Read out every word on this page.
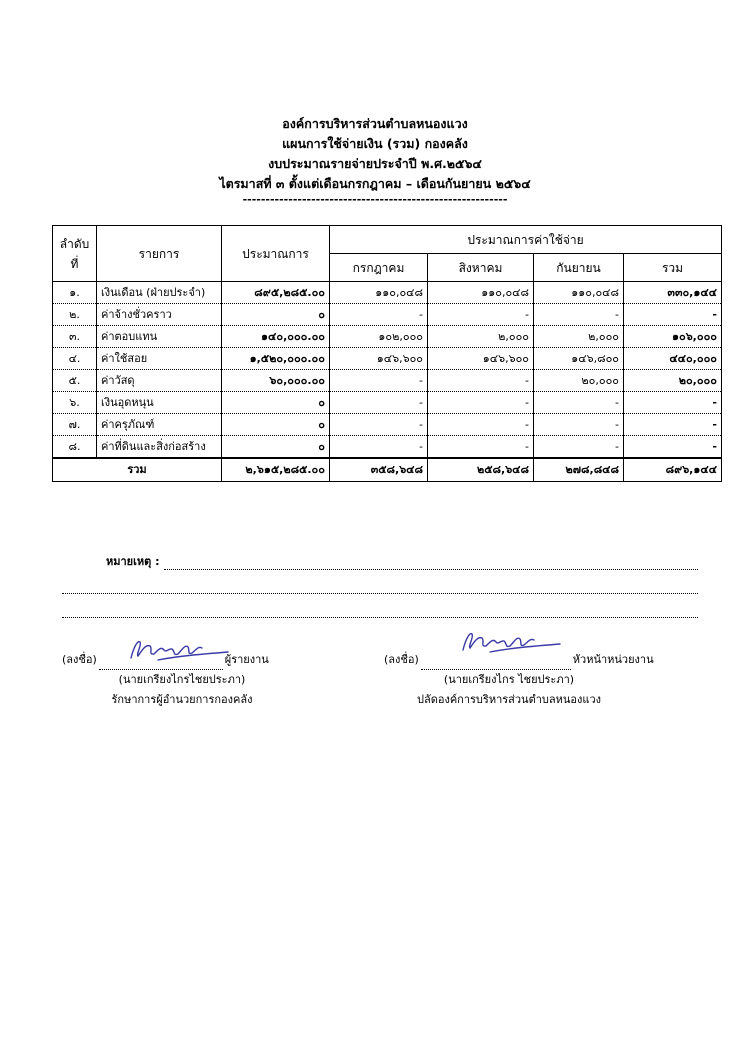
องค์การบริหารส่วนตำบลหนองแวง
แผนการใช้จ่ายเงิน (รวม) กองคลัง
งบประมาณรายจ่ายประจำปี พ.ศ.๒๕๖๔
ไตรมาสที่ ๓ ตั้งแต่เดือนกรกฎาคม – เดือนกันยายน ๒๕๖๔
----------------------------------------------------------
ลำดับที่	รายการ	ประมาณการ	ประมาณการค่าใช้จ่าย			
			กรกฎาคม	สิงหาคม	กันยายน	รวม
๑.	เงินเดือน (ฝ่ายประจำ)	๘๙๕,๒๘๕.๐๐	๑๑๐,๐๔๘	๑๑๐,๐๔๘	๑๑๐,๐๔๘	๓๓๐,๑๔๔
๒.	ค่าจ้างชั่วคราว	๐	-	-	-	-
๓.	ค่าตอบแทน	๑๔๐,๐๐๐.๐๐	๑๐๒,๐๐๐	๒,๐๐๐	๒,๐๐๐	๑๐๖,๐๐๐
๔.	ค่าใช้สอย	๑,๕๒๐,๐๐๐.๐๐	๑๔๖,๖๐๐	๑๔๖,๖๐๐	๑๔๖,๘๐๐	๔๔๐,๐๐๐
๕.	ค่าวัสดุ	๖๐,๐๐๐.๐๐	-	-	๒๐,๐๐๐	๒๐,๐๐๐
๖.	เงินอุดหนุน	๐	-	-	-	-
๗.	ค่าครุภัณฑ์	๐	-	-	-	-
๘.	ค่าที่ดินและสิ่งก่อสร้าง	๐	-	-	-	-
รวม		๒,๖๑๕,๒๘๕.๐๐	๓๕๘,๖๔๘	๒๕๘,๖๔๘	๒๗๘,๘๔๘	๘๙๖,๑๔๔
หมายเหตุ :
(ลงชื่อ)	ผู้รายงาน
(นายเกรียงไกรไชยประภา)
รักษาการผู้อำนวยการกองคลัง
(ลงชื่อ)	หัวหน้าหน่วยงาน
(นายเกรียงไกร ไชยประภา)
ปลัดองค์การบริหารส่วนตำบลหนองแวง
